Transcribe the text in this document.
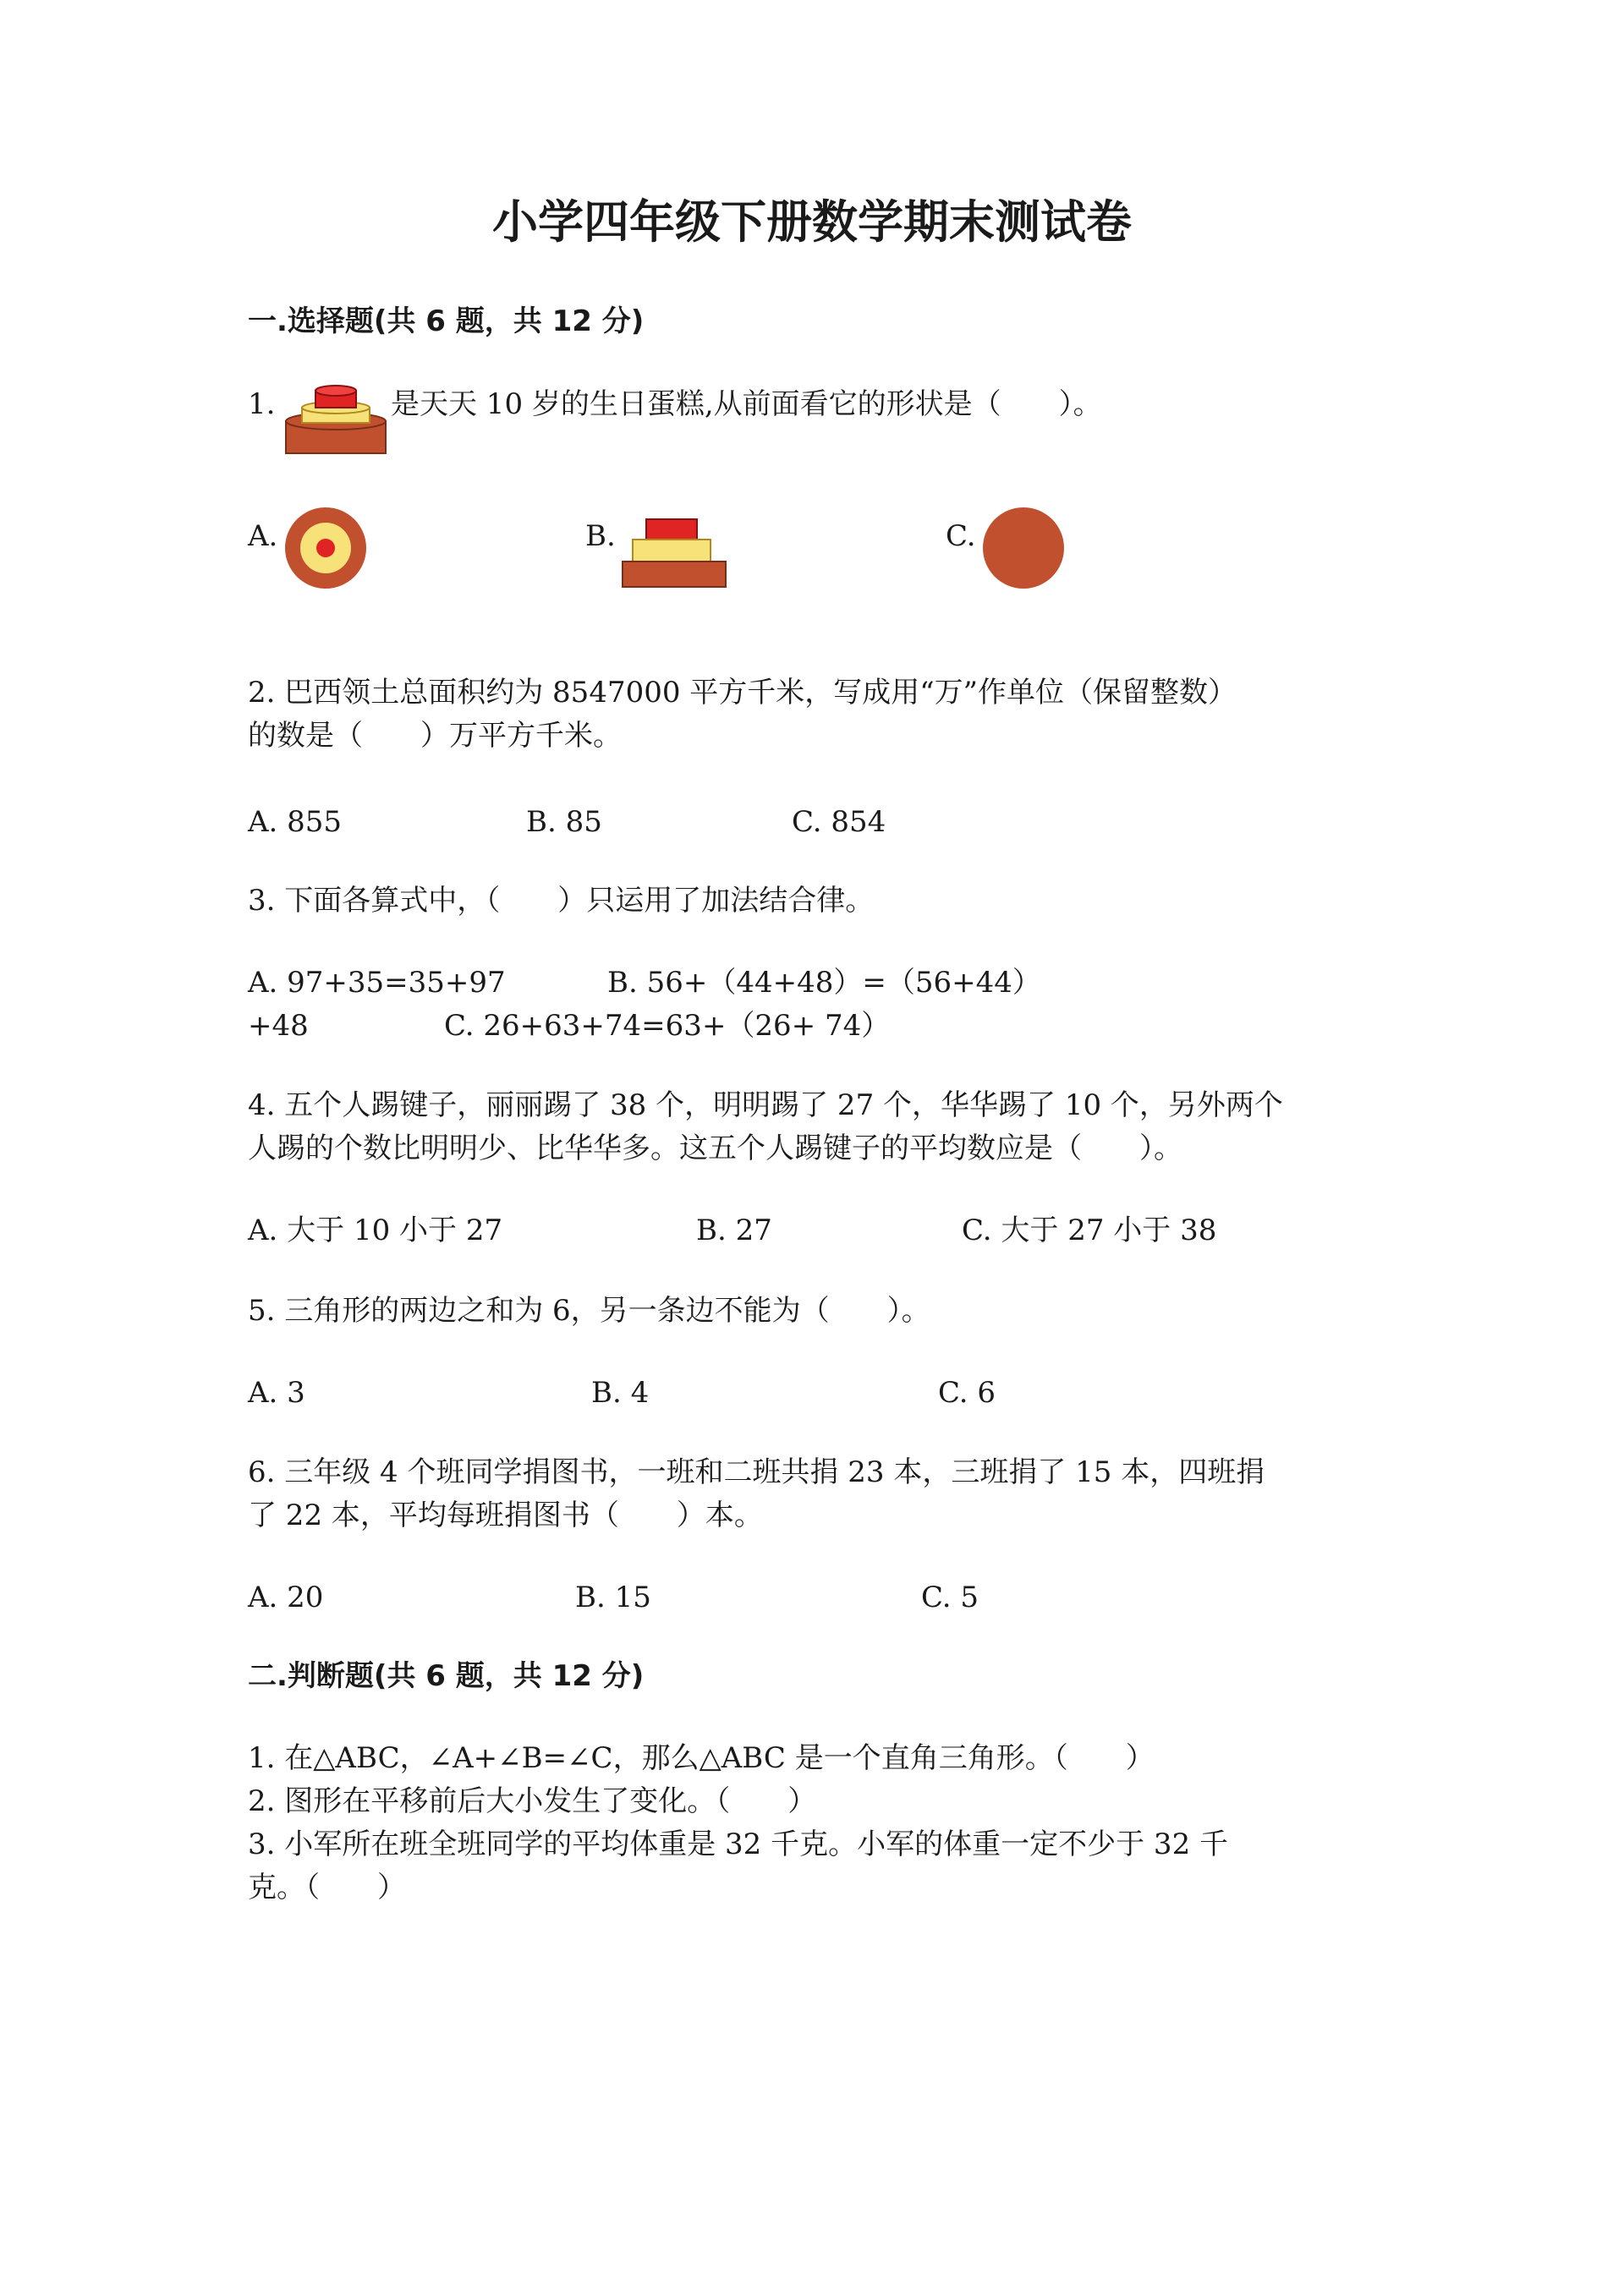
小学四年级下册数学期末测试卷
一.选择题(共 6 题，共 12 分)
1.	是天天 10 岁的生日蛋糕,从前面看它的形状是（　　）。
A.	B.	C.
2. 巴西领土总面积约为 8547000 平方千米，写成用“万”作单位（保留整数）
的数是（　　）万平方千米。
A. 855	B. 85	C. 854
3. 下面各算式中，（　　）只运用了加法结合律。
A. 97+35=35+97	B. 56+（44+48）=（56+44）
+48	C. 26+63+74=63+（26+ 74）
4. 五个人踢键子，丽丽踢了 38 个，明明踢了 27 个，华华踢了 10 个，另外两个
人踢的个数比明明少、比华华多。这五个人踢键子的平均数应是（　　）。
A. 大于 10 小于 27	B. 27	C. 大于 27 小于 38
5. 三角形的两边之和为 6，另一条边不能为（　　）。
A. 3	B. 4	C. 6
6. 三年级 4 个班同学捐图书，一班和二班共捐 23 本，三班捐了 15 本，四班捐
了 22 本，平均每班捐图书（　　）本。
A. 20	B. 15	C. 5
二.判断题(共 6 题，共 12 分)
1. 在△ABC，∠A+∠B=∠C，那么△ABC 是一个直角三角形。（　　）
2. 图形在平移前后大小发生了变化。（　　）
3. 小军所在班全班同学的平均体重是 32 千克。小军的体重一定不少于 32 千
克。（　　）
